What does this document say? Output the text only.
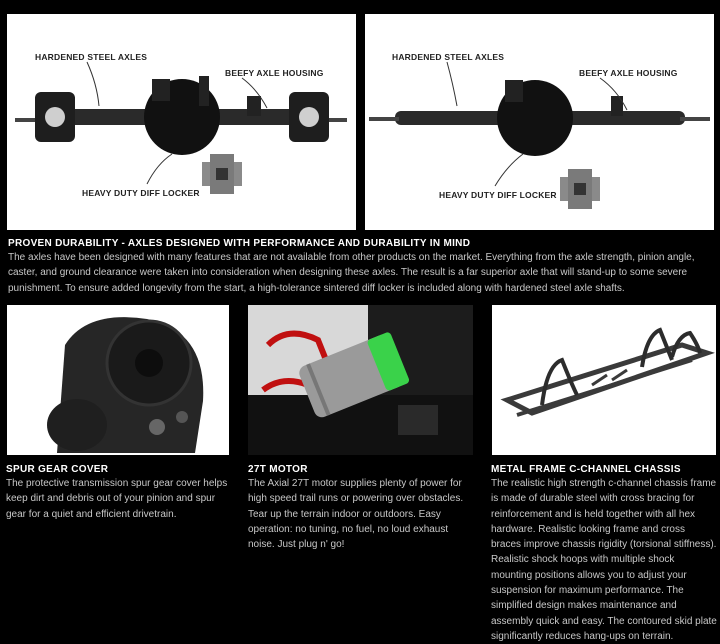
HARDENED STEEL AXLES
BEEFY AXLE HOUSING
HEAVY DUTY DIFF LOCKER
HARDENED STEEL AXLES
BEEFY AXLE HOUSING
HEAVY DUTY DIFF LOCKER
PROVEN DURABILITY - AXLES DESIGNED WITH PERFORMANCE AND DURABILITY IN MIND
The axles have been designed with many features that are not available from other products on the market. Everything from the axle strength, pinion angle, caster, and ground clearance were taken into consideration when designing these axles. The result is a far superior axle that will stand-up to some severe punishment. To ensure added longevity from the start, a high-tolerance sintered diff locker is included along with hardened steel axle shafts.
SPUR GEAR COVER
The protective transmission spur gear cover helps keep dirt and debris out of your pinion and spur gear for a quiet and efficient drivetrain.
27T MOTOR
The Axial 27T motor supplies plenty of power for high speed trail runs or powering over obstacles. Tear up the terrain indoor or outdoors. Easy operation: no tuning, no fuel, no loud exhaust noise. Just plug n' go!
METAL FRAME C-CHANNEL CHASSIS
The realistic high strength c-channel chassis frame is made of durable steel with cross bracing for reinforcement and is held together with all hex hardware. Realistic looking frame and cross braces improve chassis rigidity (torsional stiffness). Realistic shock hoops with multiple shock mounting positions allows you to adjust your suspension for maximum performance. The simplified design makes maintenance and assembly quick and easy. The contoured skid plate significantly reduces hang-ups on terrain.
